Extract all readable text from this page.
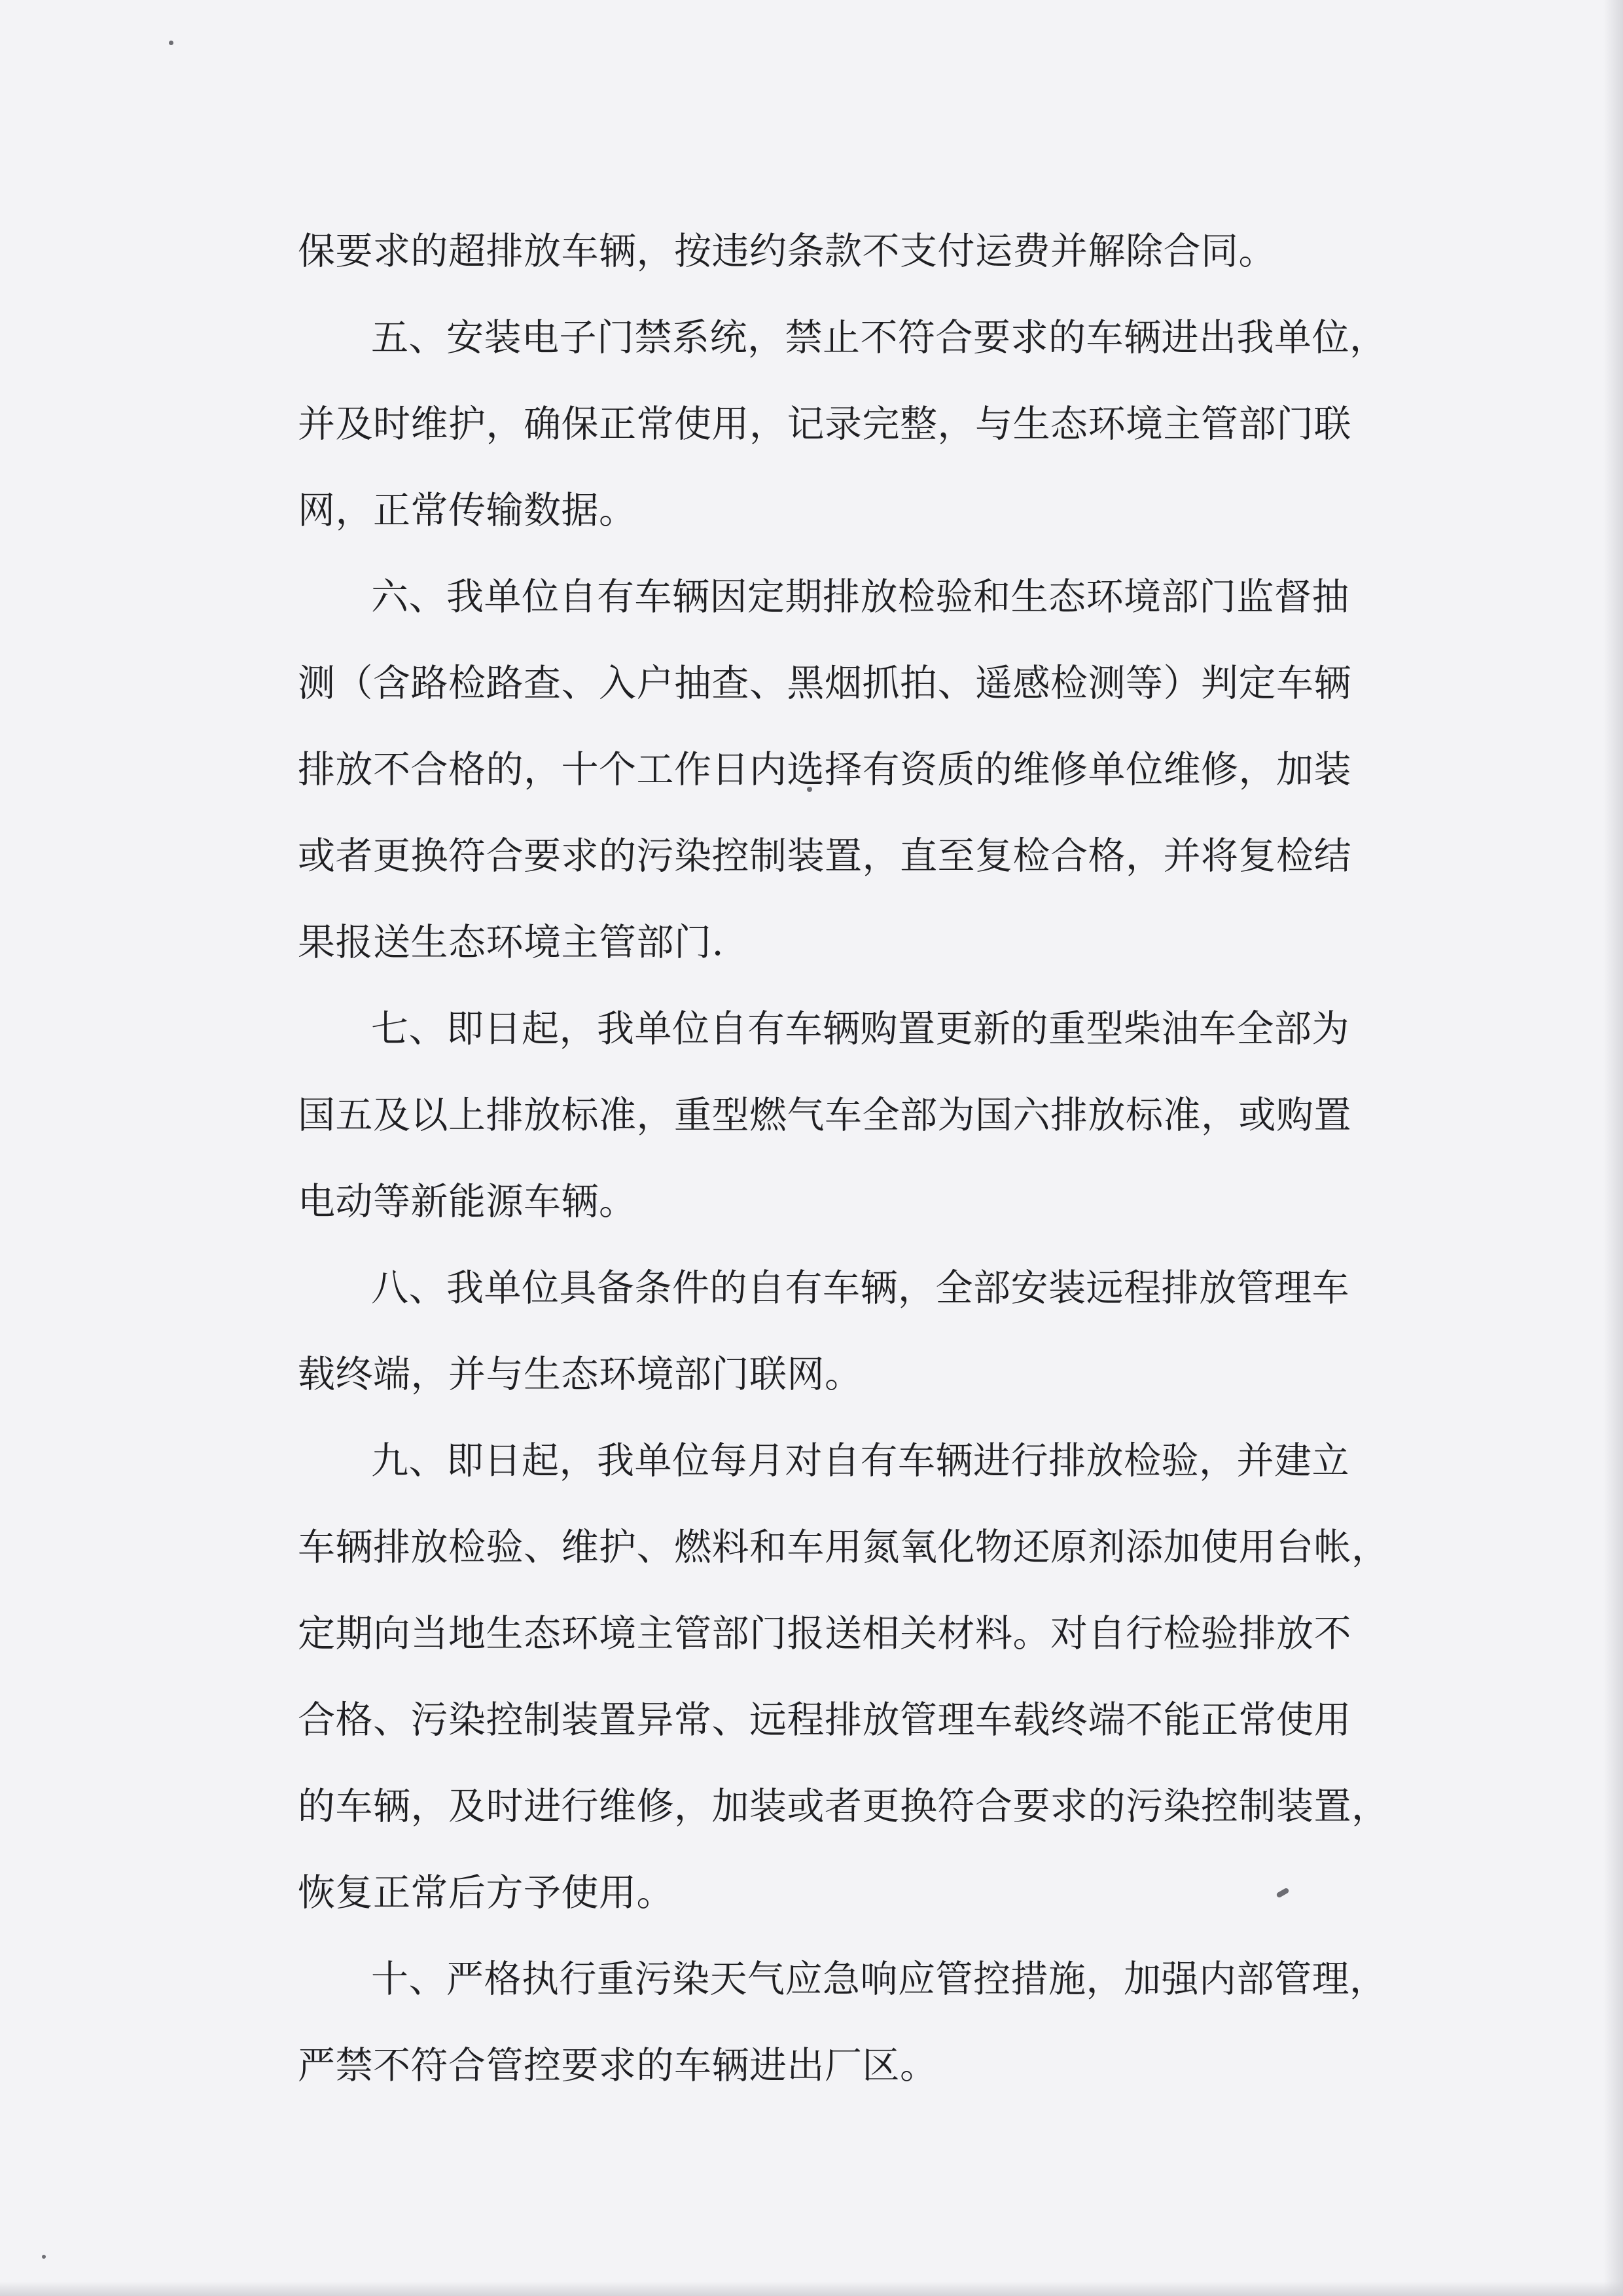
保要求的超排放车辆，按违约条款不支付运费并解除合同。
五、安装电子门禁系统，禁止不符合要求的车辆进出我单位，
并及时维护，确保正常使用，记录完整，与生态环境主管部门联
网，正常传输数据。
六、我单位自有车辆因定期排放检验和生态环境部门监督抽
测（含路检路查、入户抽查、黑烟抓拍、遥感检测等）判定车辆
排放不合格的，十个工作日内选择有资质的维修单位维修，加装
或者更换符合要求的污染控制装置，直至复检合格，并将复检结
果报送生态环境主管部门.
七、即日起，我单位自有车辆购置更新的重型柴油车全部为
国五及以上排放标准，重型燃气车全部为国六排放标准，或购置
电动等新能源车辆。
八、我单位具备条件的自有车辆，全部安装远程排放管理车
载终端，并与生态环境部门联网。
九、即日起，我单位每月对自有车辆进行排放检验，并建立
车辆排放检验、维护、燃料和车用氮氧化物还原剂添加使用台帐，
定期向当地生态环境主管部门报送相关材料。对自行检验排放不
合格、污染控制装置异常、远程排放管理车载终端不能正常使用
的车辆，及时进行维修，加装或者更换符合要求的污染控制装置，
恢复正常后方予使用。
十、严格执行重污染天气应急响应管控措施，加强内部管理，
严禁不符合管控要求的车辆进出厂区。
